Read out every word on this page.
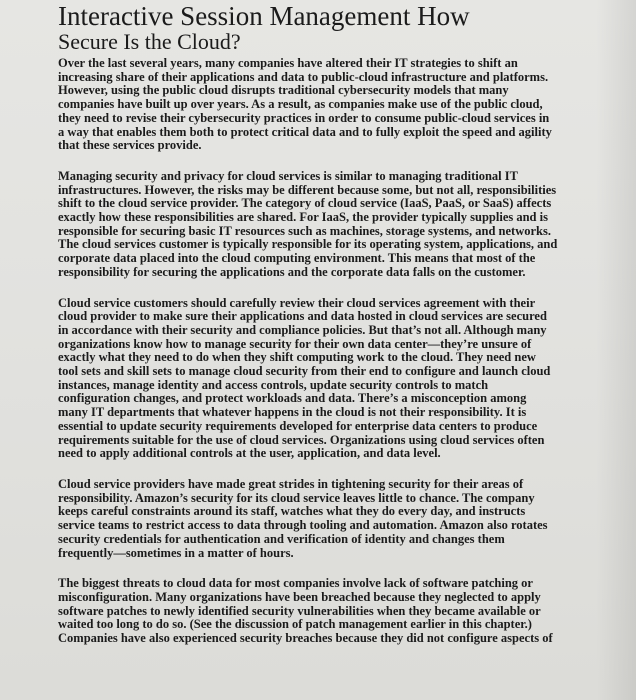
Interactive Session Management How
Secure Is the Cloud?

Over the last several years, many companies have altered their IT strategies to shift an increasing share of their applications and data to public-cloud infrastructure and platforms. However, using the public cloud disrupts traditional cybersecurity models that many companies have built up over years. As a result, as companies make use of the public cloud, they need to revise their cybersecurity practices in order to consume public-cloud services in a way that enables them both to protect critical data and to fully exploit the speed and agility that these services provide.

Managing security and privacy for cloud services is similar to managing traditional IT infrastructures. However, the risks may be different because some, but not all, responsibilities shift to the cloud service provider. The category of cloud service (IaaS, PaaS, or SaaS) affects exactly how these responsibilities are shared. For IaaS, the provider typically supplies and is responsible for securing basic IT resources such as machines, storage systems, and networks. The cloud services customer is typically responsible for its operating system, applications, and corporate data placed into the cloud computing environment. This means that most of the responsibility for securing the applications and the corporate data falls on the customer.

Cloud service customers should carefully review their cloud services agreement with their cloud provider to make sure their applications and data hosted in cloud services are secured in accordance with their security and compliance policies. But that’s not all. Although many organizations know how to manage security for their own data center—they’re unsure of exactly what they need to do when they shift computing work to the cloud. They need new tool sets and skill sets to manage cloud security from their end to configure and launch cloud instances, manage identity and access controls, update security controls to match configuration changes, and protect workloads and data. There’s a misconception among many IT departments that whatever happens in the cloud is not their responsibility. It is essential to update security requirements developed for enterprise data centers to produce requirements suitable for the use of cloud services. Organizations using cloud services often need to apply additional controls at the user, application, and data level.

Cloud service providers have made great strides in tightening security for their areas of responsibility. Amazon’s security for its cloud service leaves little to chance. The company keeps careful constraints around its staff, watches what they do every day, and instructs service teams to restrict access to data through tooling and automation. Amazon also rotates security credentials for authentication and verification of identity and changes them frequently—sometimes in a matter of hours.

The biggest threats to cloud data for most companies involve lack of software patching or misconfiguration. Many organizations have been breached because they neglected to apply software patches to newly identified security vulnerabilities when they became available or waited too long to do so. (See the discussion of patch management earlier in this chapter.) Companies have also experienced security breaches because they did not configure aspects of
